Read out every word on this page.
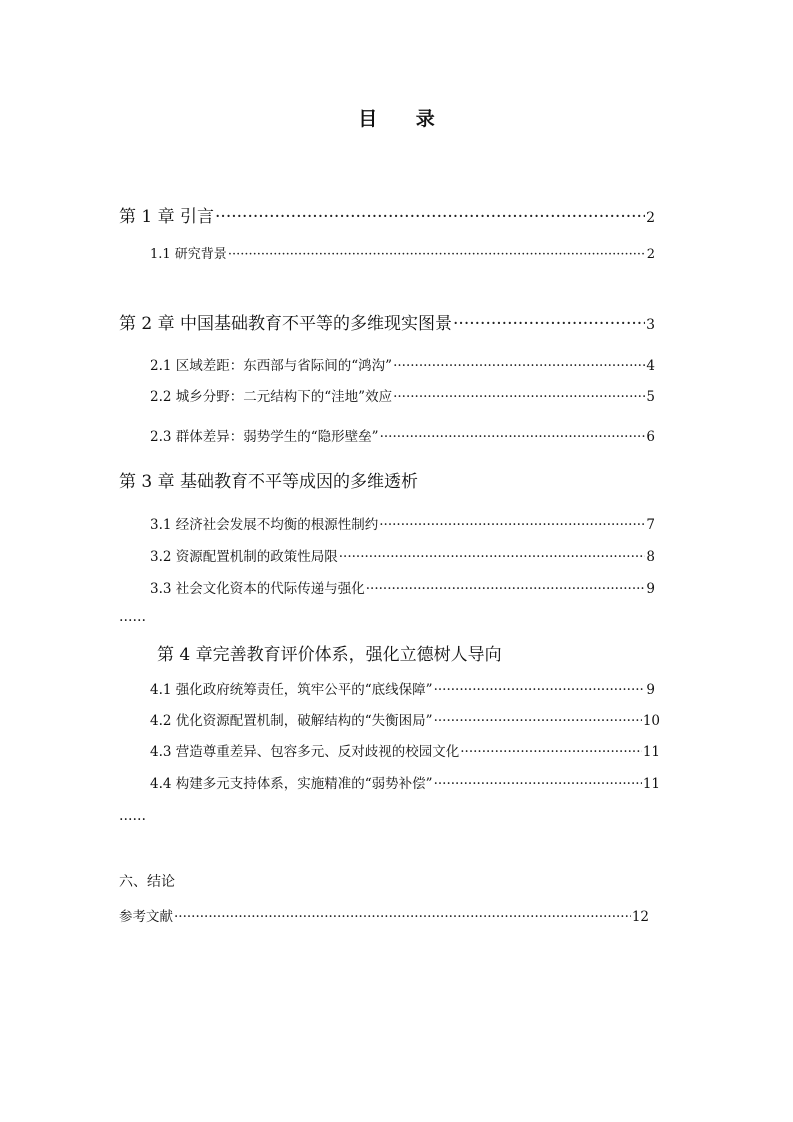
目 录
第 1 章 引言 ·····	2
1.1 研究背景 ·····	2
第 2 章 中国基础教育不平等的多维现实图景 ·····	3
2.1 区域差距：东西部与省际间的“鸿沟” ·····	4
2.2 城乡分野：二元结构下的“洼地”效应 ·····	5
2.3 群体差异：弱势学生的“隐形壁垒” ·····	6
第 3 章 基础教育不平等成因的多维透析
3.1 经济社会发展不均衡的根源性制约 ·····	7
3.2 资源配置机制的政策性局限 ·····	8
3.3 社会文化资本的代际传递与强化 ·····	9
……
第 4 章完善教育评价体系，强化立德树人导向
4.1 强化政府统筹责任，筑牢公平的“底线保障” ·····	9
4.2 优化资源配置机制，破解结构的“失衡困局” ·····	10
4.3 营造尊重差异、包容多元、反对歧视的校园文化 ·····	11
4.4 构建多元支持体系，实施精准的“弱势补偿” ·····	11
……
六、结论
参考文献 ·····	12
